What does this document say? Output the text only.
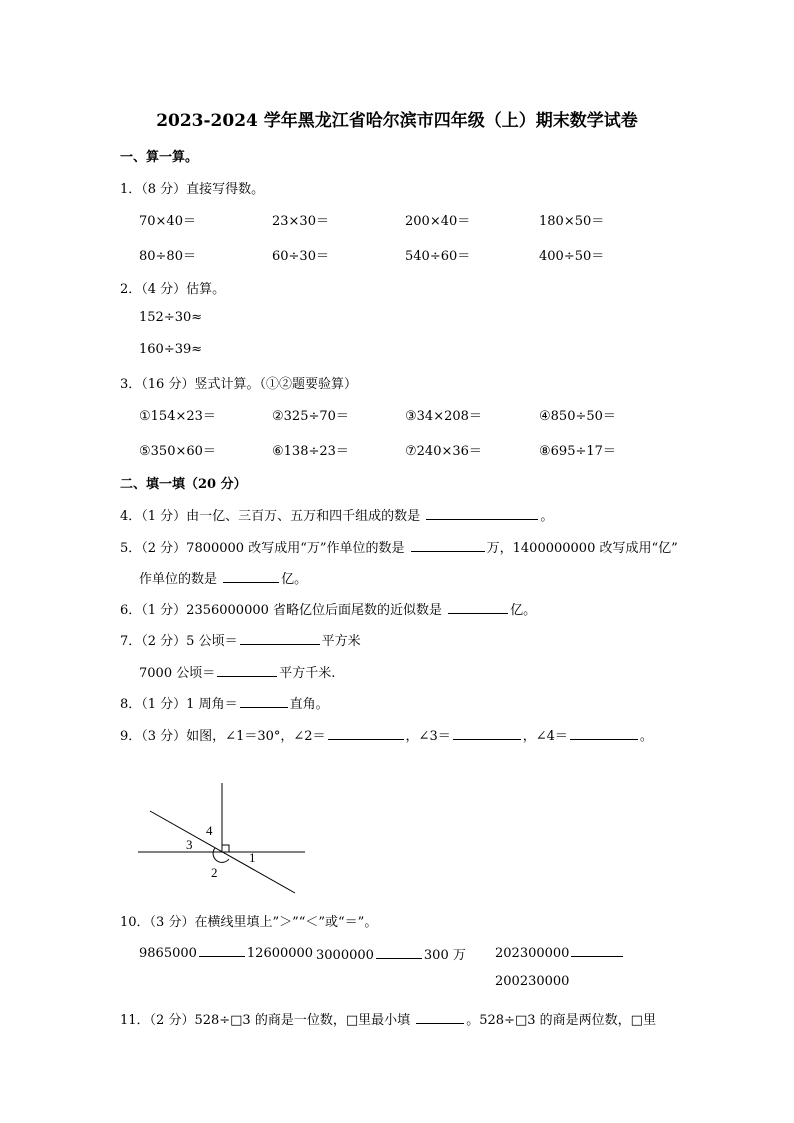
2023-2024 学年黑龙江省哈尔滨市四年级（上）期末数学试卷
一、算一算。
1．（8 分）直接写得数。
70×40＝	23×30＝	200×40＝	180×50＝
80÷80＝	60÷30＝	540÷60＝	400÷50＝
2．（4 分）估算。
152÷30≈
160÷39≈
3．（16 分）竖式计算。（①②题要验算）
①154×23＝	②325÷70＝	③34×208＝	④850÷50＝
⑤350×60＝	⑥138÷23＝	⑦240×36＝	⑧695÷17＝
二、填一填（20 分）
4．（1 分）由一亿、三百万、五万和四千组成的数是	。
5．（2 分）7800000 改写成用“万”作单位的数是	万，1400000000 改写成用“亿”
作单位的数是	亿。
6．（1 分）2356000000 省略亿位后面尾数的近似数是	亿。
7．（2 分）5 公顷＝	平方米
7000 公顷＝	平方千米.
8．（1 分）1 周角＝	直角。
9．（3 分）如图，∠1＝30°，∠2＝	，∠3＝	，∠4＝	。
1
2
3
4
10．（3 分）在横线里填上”＞”“＜”或“＝”。
9865000	12600000 3000000	300 万 202300000
200230000
11．（2 分）528÷□3 的商是一位数，□里最小填	。528÷□3 的商是两位数，□里
